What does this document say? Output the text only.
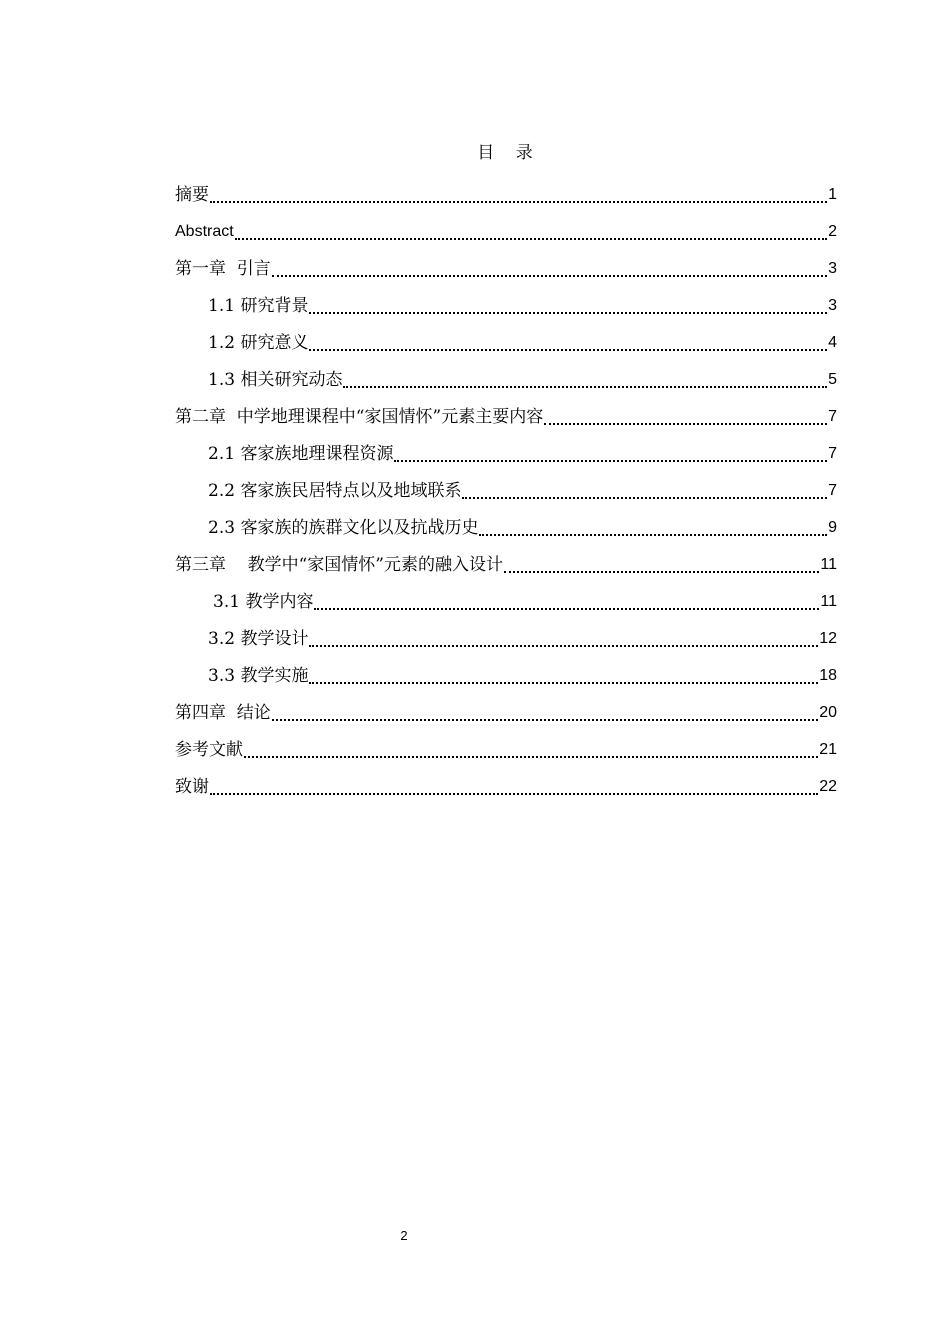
目    录
摘要	1
Abstract	2
第一章  引言	3
1.1 研究背景	3
1.2 研究意义	4
1.3 相关研究动态	5
第二章  中学地理课程中“家国情怀”元素主要内容	7
2.1 客家族地理课程资源	7
2.2 客家族民居特点以及地域联系	7
2.3 客家族的族群文化以及抗战历史	9
第三章    教学中“家国情怀”元素的融入设计	11
3.1 教学内容	11
3.2 教学设计	12
3.3 教学实施	18
第四章  结论	20
参考文献	21
致谢	22
2
